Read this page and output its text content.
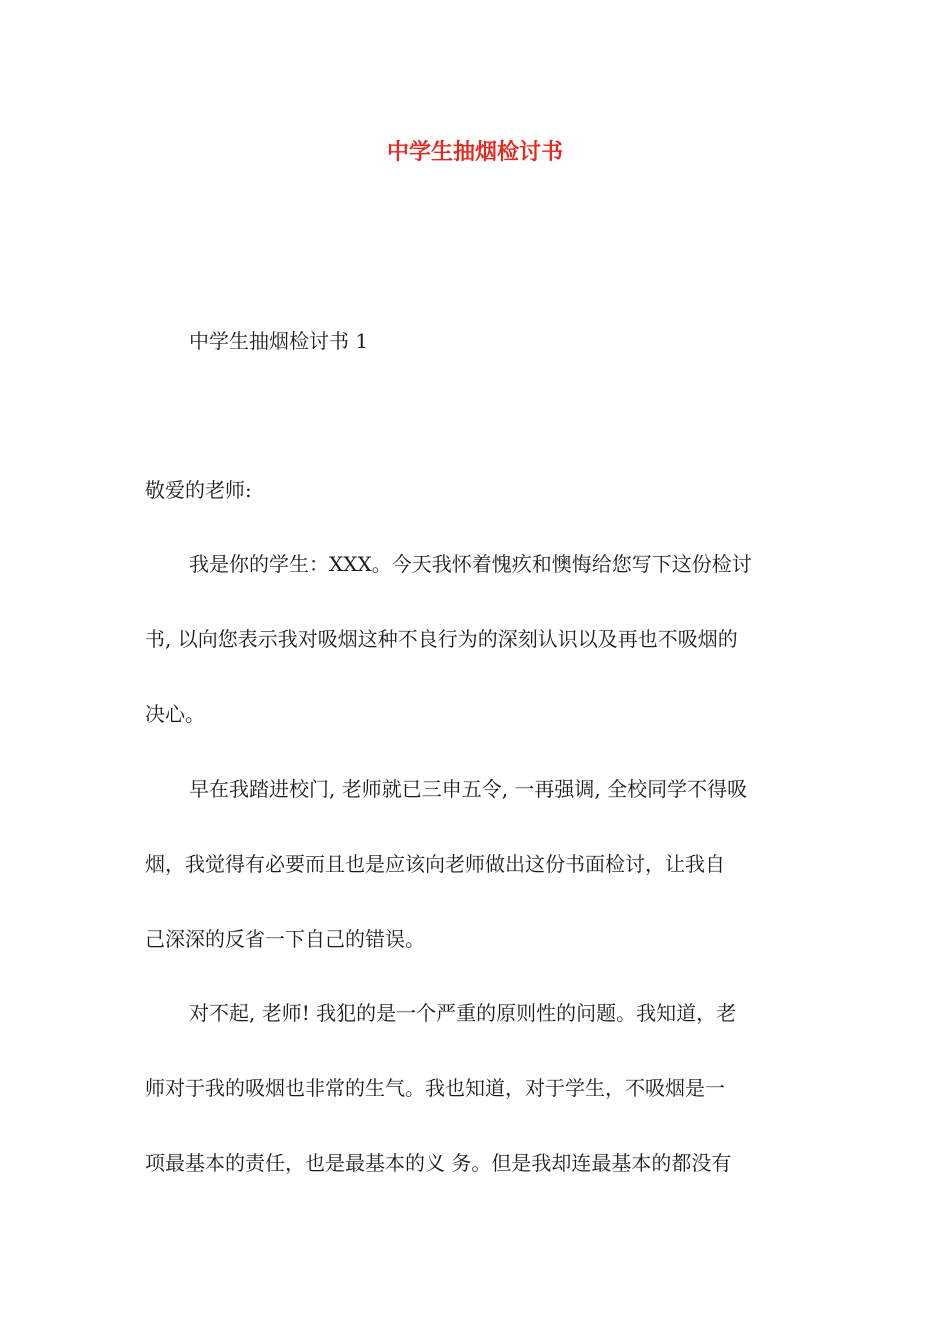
中学生抽烟检讨书
中学生抽烟检讨书 1
敬爱的老师:
我是你的学生：XXX。今天我怀着愧疚和懊悔给您写下这份检讨
书, 以向您表示我对吸烟这种不良行为的深刻认识以及再也不吸烟的
决心。
早在我踏进校门, 老师就已三申五令, 一再强调, 全校同学不得吸
烟，我觉得有必要而且也是应该向老师做出这份书面检讨，让我自
己深深的反省一下自己的错误。
对不起, 老师! 我犯的是一个严重的原则性的问题。我知道，老
师对于我的吸烟也非常的生气。我也知道，对于学生，不吸烟是一
项最基本的责任，也是最基本的义 务。但是我却连最基本的都没有
